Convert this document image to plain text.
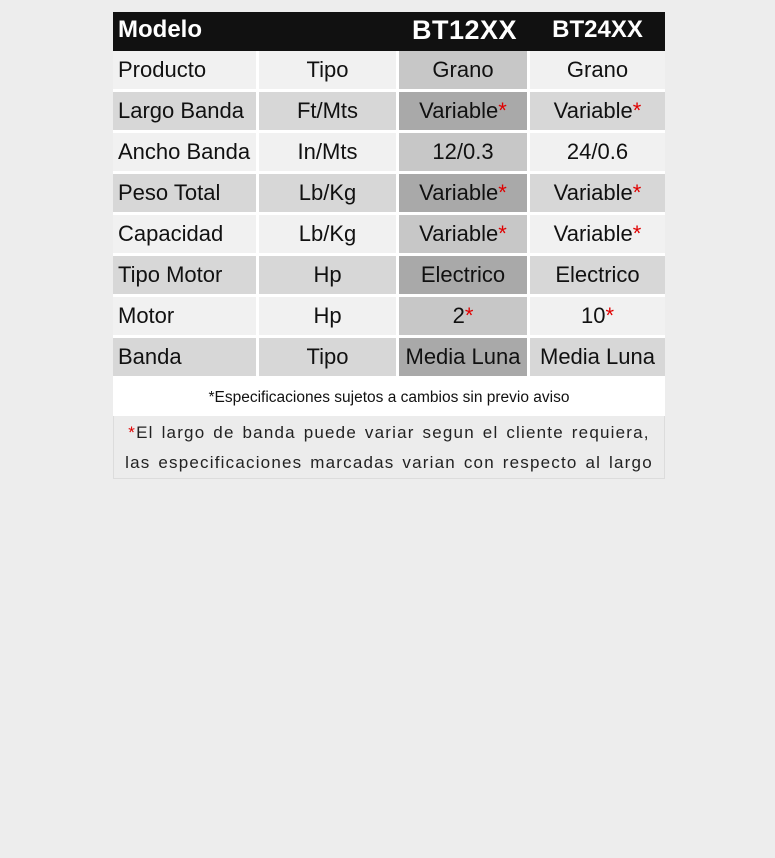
Modelo		BT12XX	BT24XX
Producto	Tipo	Grano	Grano
Largo Banda	Ft/Mts	Variable*	Variable*
Ancho Banda	In/Mts	12/0.3	24/0.6
Peso Total	Lb/Kg	Variable*	Variable*
Capacidad	Lb/Kg	Variable*	Variable*
Tipo Motor	Hp	Electrico	Electrico
Motor	Hp	2*	10*
Banda	Tipo	Media Luna	Media Luna
*Especificaciones sujetos a cambios sin previo aviso
*El largo de banda puede variar segun el cliente requiera,
las especificaciones marcadas varian con respecto al largo
